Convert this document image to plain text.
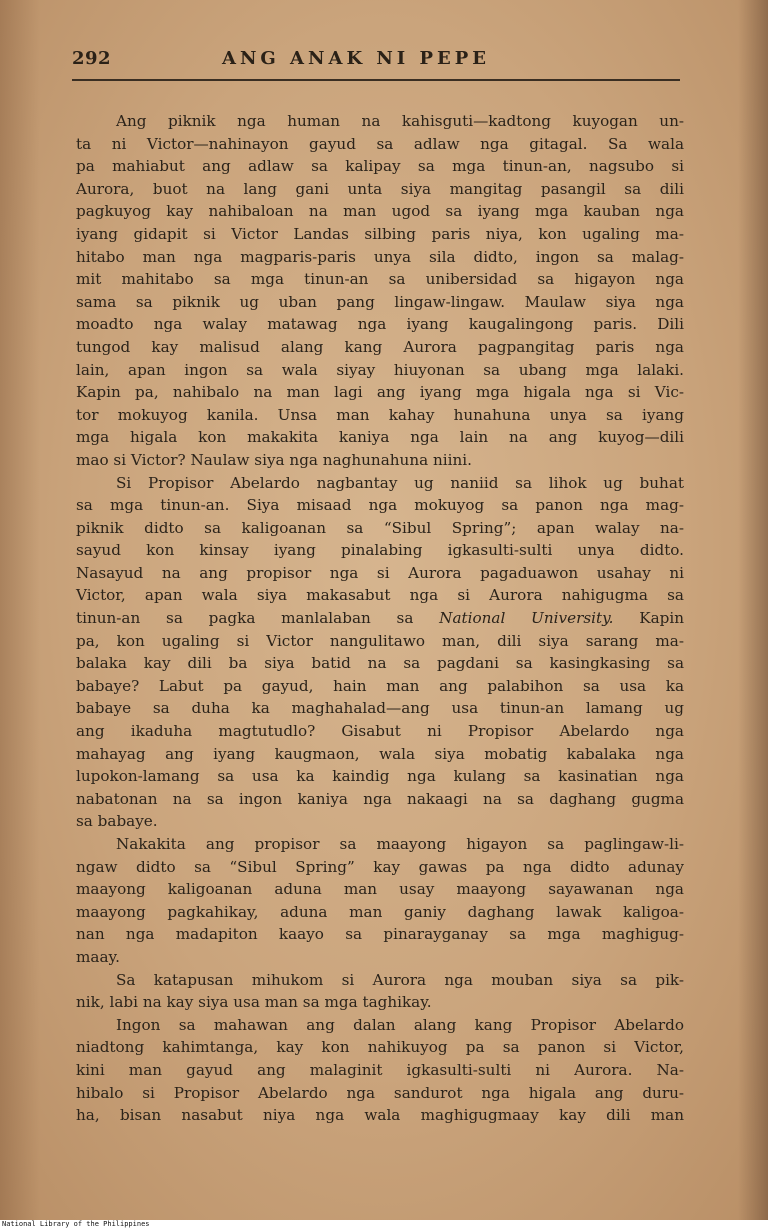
292	ANG ANAK NI PEPE
Ang piknik nga human na kahisguti—kadtong kuyogan un-
ta ni Victor—nahinayon gayud sa adlaw nga gitagal. Sa wala
pa mahiabut ang adlaw sa kalipay sa mga tinun-an, nagsubo si
Aurora, buot na lang gani unta siya mangitag pasangil sa dili
pagkuyog kay nahibaloan na man ugod sa iyang mga kauban nga
iyang gidapit si Victor Landas silbing paris niya, kon ugaling ma-
hitabo man nga magparis-paris unya sila didto, ingon sa malag-
mit mahitabo sa mga tinun-an sa unibersidad sa higayon nga
sama sa piknik ug uban pang lingaw-lingaw. Maulaw siya nga
moadto nga walay matawag nga iyang kaugalingong paris. Dili
tungod kay malisud alang kang Aurora pagpangitag paris nga
lain, apan ingon sa wala siyay hiuyonan sa ubang mga lalaki.
Kapin pa, nahibalo na man lagi ang iyang mga higala nga si Vic-
tor mokuyog kanila. Unsa man kahay hunahuna unya sa iyang
mga higala kon makakita kaniya nga lain na ang kuyog—dili
mao si Victor? Naulaw siya nga naghunahuna niini.
Si Propisor Abelardo nagbantay ug naniid sa lihok ug buhat
sa mga tinun-an. Siya misaad nga mokuyog sa panon nga mag-
piknik didto sa kaligoanan sa “Sibul Spring”; apan walay na-
sayud kon kinsay iyang pinalabing igkasulti-sulti unya didto.
Nasayud na ang propisor nga si Aurora pagaduawon usahay ni
Victor, apan wala siya makasabut nga si Aurora nahigugma sa
tinun-an sa pagka manlalaban sa National University. Kapin
pa, kon ugaling si Victor nangulitawo man, dili siya sarang ma-
balaka kay dili ba siya batid na sa pagdani sa kasingkasing sa
babaye? Labut pa gayud, hain man ang palabihon sa usa ka
babaye sa duha ka maghahalad—ang usa tinun-an lamang ug
ang ikaduha magtutudlo? Gisabut ni Propisor Abelardo nga
mahayag ang iyang kaugmaon, wala siya mobatig kabalaka nga
lupokon-lamang sa usa ka kaindig nga kulang sa kasinatian nga
nabatonan na sa ingon kaniya nga nakaagi na sa daghang gugma
sa babaye.
Nakakita ang propisor sa maayong higayon sa paglingaw-li-
ngaw didto sa “Sibul Spring” kay gawas pa nga didto adunay
maayong kaligoanan aduna man usay maayong sayawanan nga
maayong pagkahikay, aduna man ganiy daghang lawak kaligoa-
nan nga madapiton kaayo sa pinarayganay sa mga maghigug-
maay.
Sa katapusan mihukom si Aurora nga mouban siya sa pik-
nik, labi na kay siya usa man sa mga taghikay.
Ingon sa mahawan ang dalan alang kang Propisor Abelardo
niadtong kahimtanga, kay kon nahikuyog pa sa panon si Victor,
kini man gayud ang malaginit igkasulti-sulti ni Aurora. Na-
hibalo si Propisor Abelardo nga sandurot nga higala ang duru-
ha, bisan nasabut niya nga wala maghigugmaay kay dili man
National Library of the Philippines
